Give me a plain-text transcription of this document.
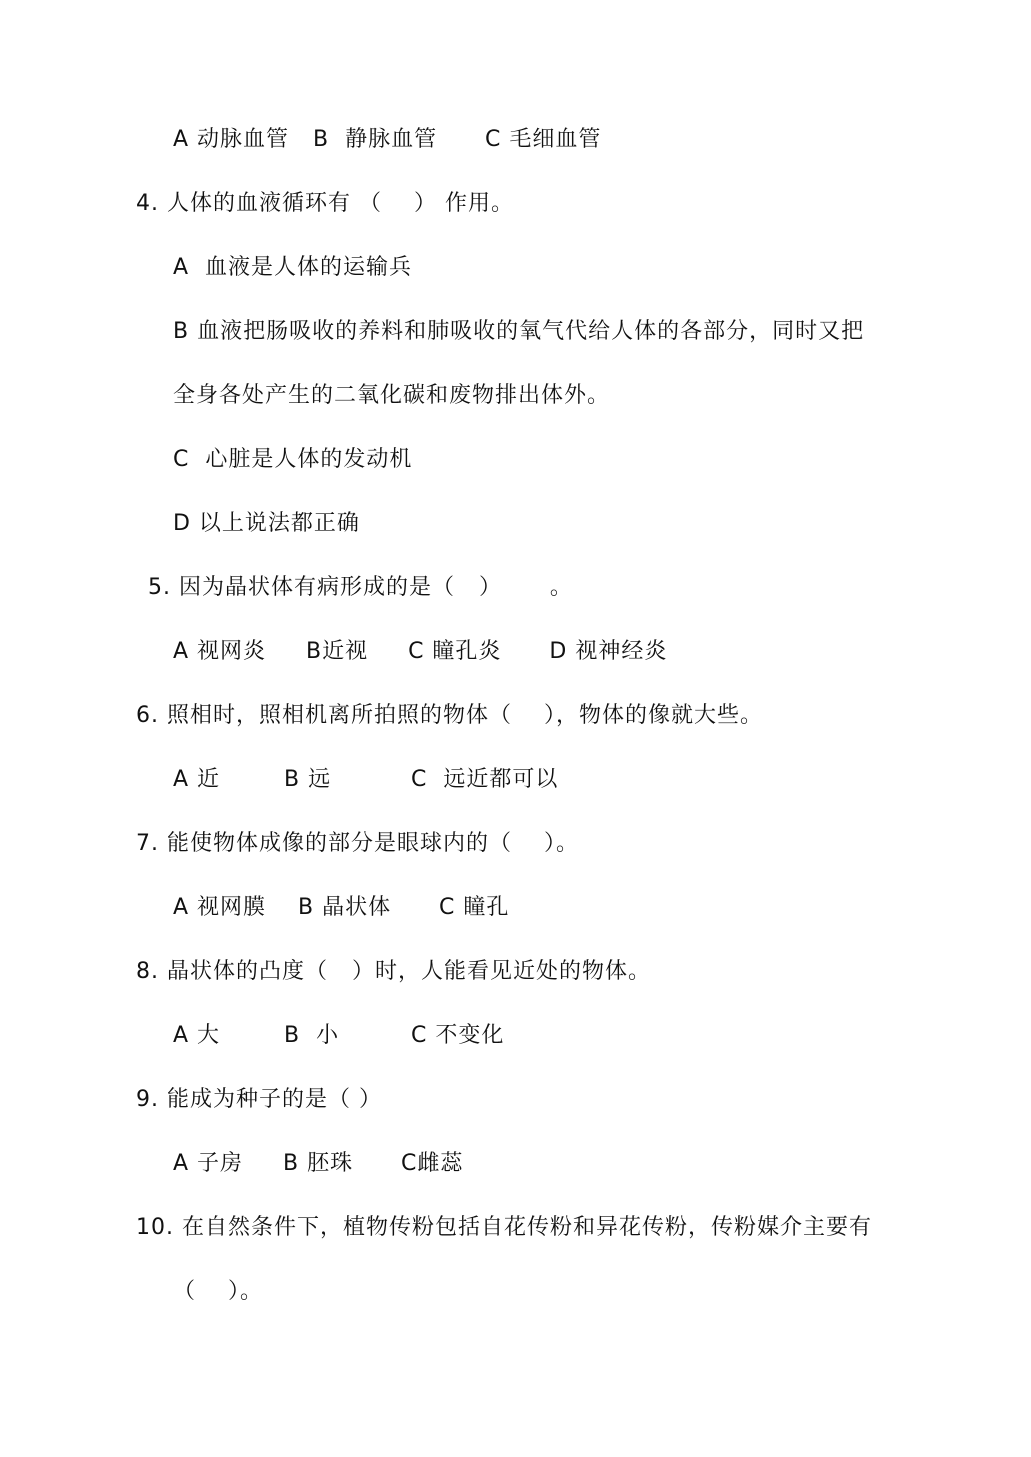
A 动脉血管   B  静脉血管      C 毛细血管
4. 人体的血液循环有 （    ） 作用。
A  血液是人体的运输兵
B 血液把肠吸收的养料和肺吸收的氧气代给人体的各部分，同时又把
全身各处产生的二氧化碳和废物排出体外。
C  心脏是人体的发动机
D 以上说法都正确
5. 因为晶状体有病形成的是（   ）      。
A 视网炎     B近视     C 瞳孔炎      D 视神经炎
6. 照相时，照相机离所拍照的物体（    ），物体的像就大些。
A 近        B 远          C  远近都可以
7. 能使物体成像的部分是眼球内的（    ）。
A 视网膜    B 晶状体      C 瞳孔
8. 晶状体的凸度（   ）时，人能看见近处的物体。
A 大        B  小         C 不变化
9. 能成为种子的是（ ）
A 子房     B 胚珠      C雌蕊
10. 在自然条件下，植物传粉包括自花传粉和异花传粉，传粉媒介主要有
（    ）。
